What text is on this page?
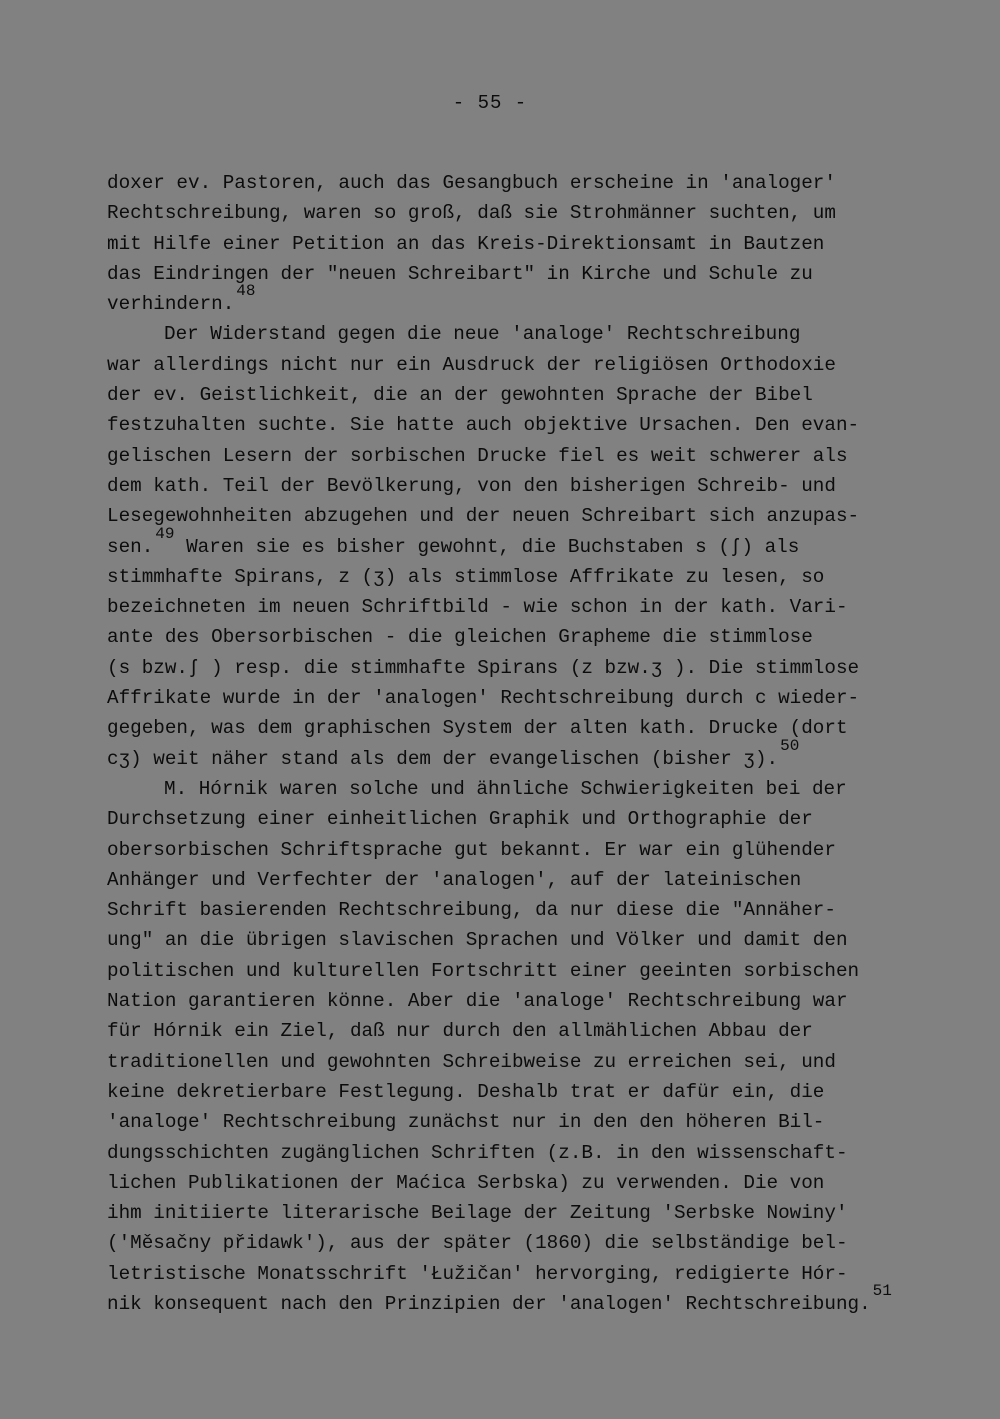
- 55 -
doxer ev. Pastoren, auch das Gesangbuch erscheine in 'analoger'
Rechtschreibung, waren so groß, daß sie Strohmänner suchten, um
mit Hilfe einer Petition an das Kreis-Direktionsamt in Bautzen
das Eindringen der "neuen Schreibart" in Kirche und Schule zu
verhindern.$^{48}$
Der Widerstand gegen die neue 'analoge' Rechtschreibung
war allerdings nicht nur ein Ausdruck der religiösen Orthodoxie
der ev. Geistlichkeit, die an der gewohnten Sprache der Bibel
festzuhalten suchte. Sie hatte auch objektive Ursachen. Den evan-
gelischen Lesern der sorbischen Drucke fiel es weit schwerer als
dem kath. Teil der Bevölkerung, von den bisherigen Schreib- und
Lesegewohnheiten abzugehen und der neuen Schreibart sich anzupas-
sen.$^{49}$ Waren sie es bisher gewohnt, die Buchstaben s (ʃ) als
stimmhafte Spirans, z (ʒ) als stimmlose Affrikate zu lesen, so
bezeichneten im neuen Schriftbild - wie schon in der kath. Vari-
ante des Obersorbischen - die gleichen Grapheme die stimmlose
(s bzw.ʃ ) resp. die stimmhafte Spirans (z bzw.ʒ ). Die stimmlose
Affrikate wurde in der 'analogen' Rechtschreibung durch c wieder-
gegeben, was dem graphischen System der alten kath. Drucke (dort
cʒ) weit näher stand als dem der evangelischen (bisher ʒ).$^{50}$
M. Hórnik waren solche und ähnliche Schwierigkeiten bei der
Durchsetzung einer einheitlichen Graphik und Orthographie der
obersorbischen Schriftsprache gut bekannt. Er war ein glühender
Anhänger und Verfechter der 'analogen', auf der lateinischen
Schrift basierenden Rechtschreibung, da nur diese die "Annäher-
ung" an die übrigen slavischen Sprachen und Völker und damit den
politischen und kulturellen Fortschritt einer geeinten sorbischen
Nation garantieren könne. Aber die 'analoge' Rechtschreibung war
für Hórnik ein Ziel, daß nur durch den allmählichen Abbau der
traditionellen und gewohnten Schreibweise zu erreichen sei, und
keine dekretierbare Festlegung. Deshalb trat er dafür ein, die
'analoge' Rechtschreibung zunächst nur in den den höheren Bil-
dungsschichten zugänglichen Schriften (z.B. in den wissenschaft-
lichen Publikationen der Maćica Serbska) zu verwenden. Die von
ihm initiierte literarische Beilage der Zeitung 'Serbske Nowiny'
('Měsačny přidawk'), aus der später (1860) die selbständige bel-
letristische Monatsschrift 'Łužičan' hervorging, redigierte Hór-
nik konsequent nach den Prinzipien der 'analogen' Rechtschreibung.$^{51}$
